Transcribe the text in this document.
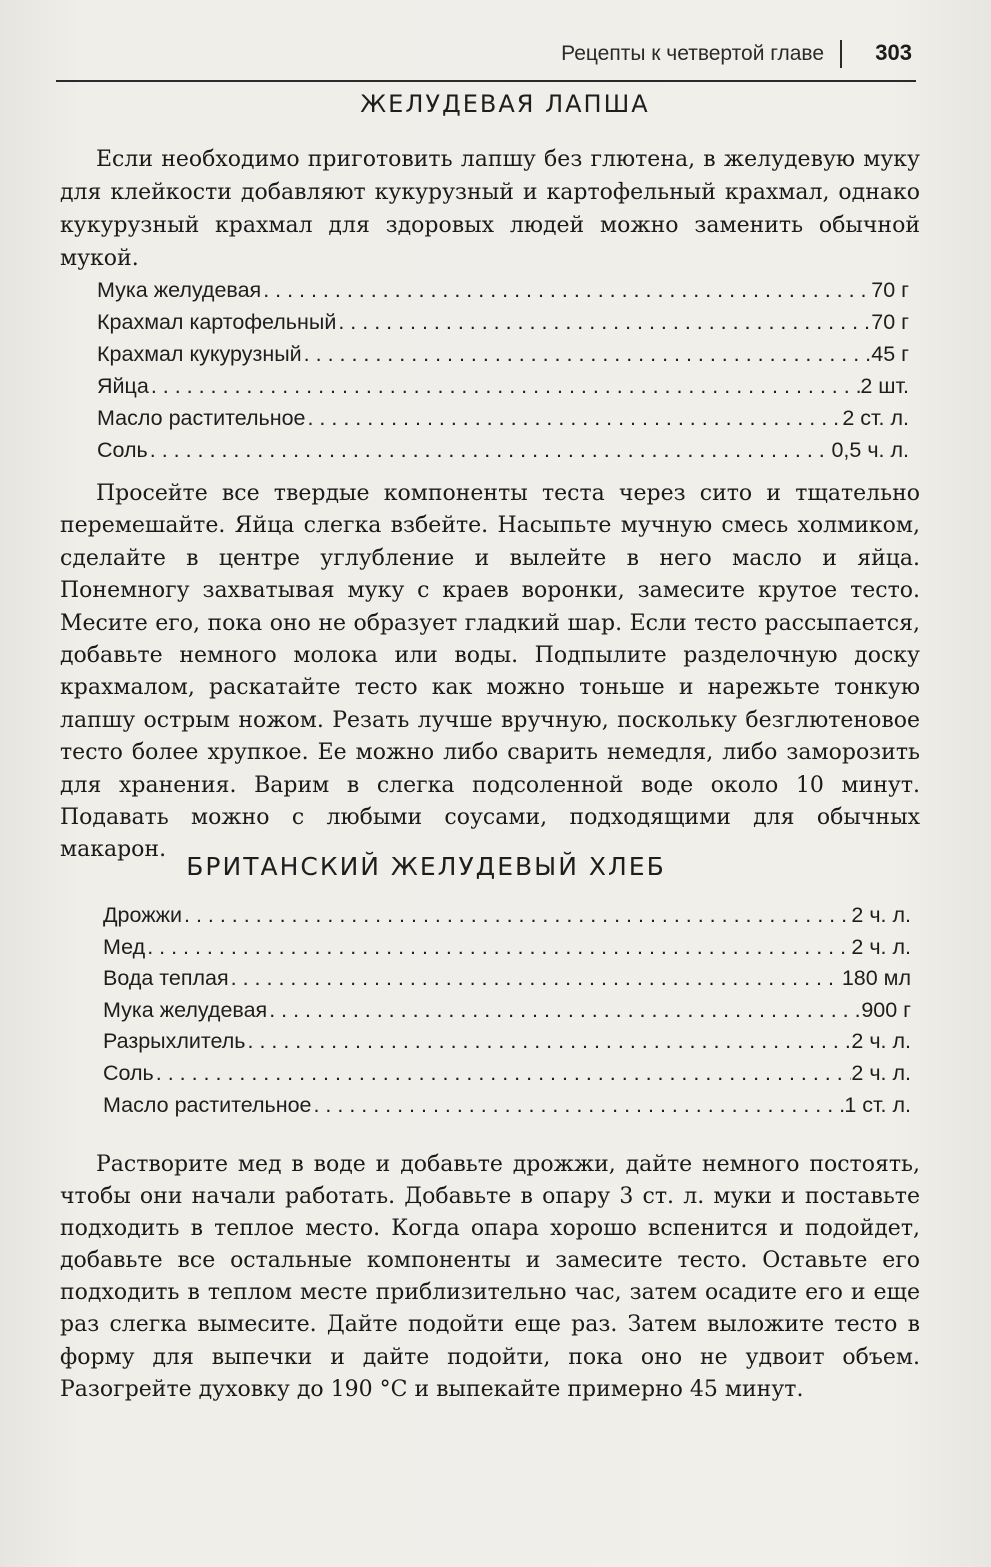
Рецепты к четвертой главе 303
ЖЕЛУДЕВАЯ ЛАПША
Если необходимо приготовить лапшу без глютена, в желудевую муку для клейкости добавляют кукурузный и картофельный крахмал, однако кукурузный крахмал для здоровых людей можно заменить обычной мукой.
Мука желудевая . . .	70 г
Крахмал картофельный . . .	70 г
Крахмал кукурузный . . .	45 г
Яйца . . .	2 шт.
Масло растительное . . .	2 ст. л.
Соль . . .	0,5 ч. л.
Просейте все твердые компоненты теста через сито и тщательно перемешайте. Яйца слегка взбейте. Насыпьте мучную смесь холмиком, сделайте в центре углубление и вылейте в него масло и яйца. Понемногу захватывая муку с краев воронки, замесите крутое тесто. Месите его, пока оно не образует гладкий шар. Если тесто рассыпается, добавьте немного молока или воды. Подпылите разделочную доску крахмалом, раскатайте тесто как можно тоньше и нарежьте тонкую лапшу острым ножом. Резать лучше вручную, поскольку безглютеновое тесто более хрупкое. Ее можно либо сварить немедля, либо заморозить для хранения. Варим в слегка подсоленной воде около 10 минут. Подавать можно с любыми соусами, подходящими для обычных макарон.
БРИТАНСКИЙ ЖЕЛУДЕВЫЙ ХЛЕБ
Дрожжи . . .	2 ч. л.
Мед . . .	2 ч. л.
Вода теплая . . .	180 мл
Мука желудевая . . .	900 г
Разрыхлитель . . .	2 ч. л.
Соль . . .	2 ч. л.
Масло растительное . . .	1 ст. л.
Растворите мед в воде и добавьте дрожжи, дайте немного постоять, чтобы они начали работать. Добавьте в опару 3 ст. л. муки и поставьте подходить в теплое место. Когда опара хорошо вспенится и подойдет, добавьте все остальные компоненты и замесите тесто. Оставьте его подходить в теплом месте приблизительно час, затем осадите его и еще раз слегка вымесите. Дайте подойти еще раз. Затем выложите тесто в форму для выпечки и дайте подойти, пока оно не удвоит объем. Разогрейте духовку до 190 °С и выпекайте примерно 45 минут.
